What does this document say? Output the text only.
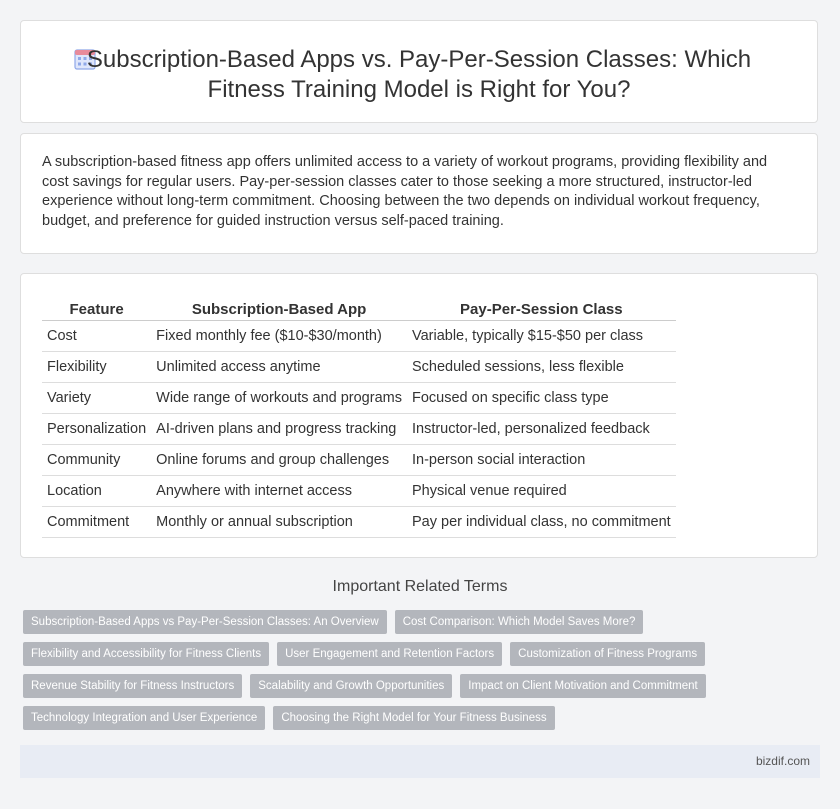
Subscription-Based Apps vs. Pay-Per-Session Classes: Which
Fitness Training Model is Right for You?

A subscription-based fitness app offers unlimited access to a variety of workout programs, providing flexibility and cost savings for regular users. Pay-per-session classes cater to those seeking a more structured, instructor-led experience without long-term commitment. Choosing between the two depends on individual workout frequency, budget, and preference for guided instruction versus self-paced training.

Feature	Subscription-Based App	Pay-Per-Session Class
Cost	Fixed monthly fee ($10-$30/month)	Variable, typically $15-$50 per class
Flexibility	Unlimited access anytime	Scheduled sessions, less flexible
Variety	Wide range of workouts and programs	Focused on specific class type
Personalization	AI-driven plans and progress tracking	Instructor-led, personalized feedback
Community	Online forums and group challenges	In-person social interaction
Location	Anywhere with internet access	Physical venue required
Commitment	Monthly or annual subscription	Pay per individual class, no commitment
Important Related Terms
Subscription-Based Apps vs Pay-Per-Session Classes: An Overview	Cost Comparison: Which Model Saves More?
Flexibility and Accessibility for Fitness Clients	User Engagement and Retention Factors	Customization of Fitness Programs
Revenue Stability for Fitness Instructors	Scalability and Growth Opportunities	Impact on Client Motivation and Commitment
Technology Integration and User Experience	Choosing the Right Model for Your Fitness Business
bizdif.com
